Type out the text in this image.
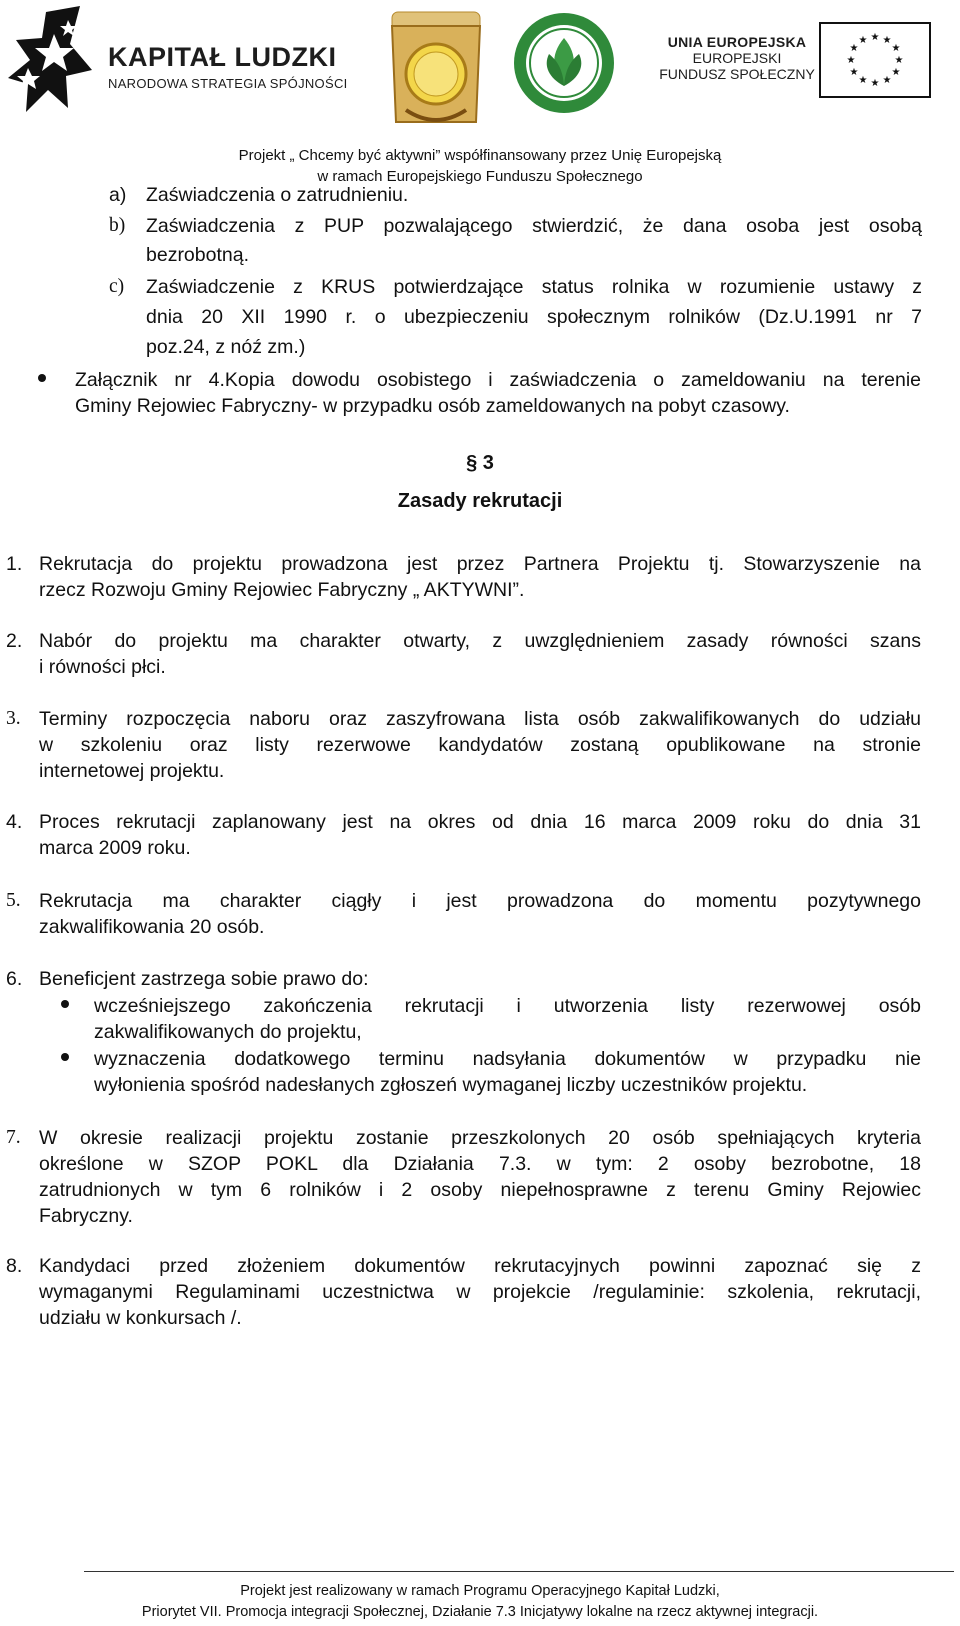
KAPITAŁ LUDZKI
NARODOWA STRATEGIA SPÓJNOŚCI
UNIA EUROPEJSKA
EUROPEJSKI
FUNDUSZ SPOŁECZNY
★ ★
★
★
★
★
★
★
★
★
★
★
Projekt „ Chcemy być aktywni” współfinansowany przez Unię Europejską
w ramach Europejskiego Funduszu Społecznego
a) Zaświadczenia o zatrudnieniu.
b) Zaświadczenia z PUP pozwalającego stwierdzić, że dana osoba jest osobą
bezrobotną.
c) Zaświadczenie z KRUS potwierdzające status rolnika w rozumienie ustawy z
dnia 20 XII 1990 r. o ubezpieczeniu społecznym rolników (Dz.U.1991 nr 7
poz.24, z nóź zm.)
Załącznik nr 4.Kopia dowodu osobistego i zaświadczenia o zameldowaniu na terenie
Gminy Rejowiec Fabryczny- w przypadku osób zameldowanych na pobyt czasowy.
§ 3
Zasady rekrutacji
1. Rekrutacja do projektu prowadzona jest przez Partnera Projektu tj. Stowarzyszenie na
rzecz Rozwoju Gminy Rejowiec Fabryczny „ AKTYWNI”.
2. Nabór do projektu ma charakter otwarty, z uwzględnieniem zasady równości szans
i równości płci.
3. Terminy rozpoczęcia naboru oraz zaszyfrowana lista osób zakwalifikowanych do udziału
w szkoleniu oraz listy rezerwowe kandydatów zostaną opublikowane na stronie
internetowej projektu.
4. Proces rekrutacji zaplanowany jest na okres od dnia 16 marca 2009 roku do dnia 31
marca 2009 roku.
5. Rekrutacja ma charakter ciągły i jest prowadzona do momentu pozytywnego
zakwalifikowania 20 osób.
6. Beneficjent zastrzega sobie prawo do:
wcześniejszego zakończenia rekrutacji i utworzenia listy rezerwowej osób
zakwalifikowanych do projektu,
wyznaczenia dodatkowego terminu nadsyłania dokumentów w przypadku nie
wyłonienia spośród nadesłanych zgłoszeń wymaganej liczby uczestników projektu.
7. W okresie realizacji projektu zostanie przeszkolonych 20 osób spełniających kryteria
określone w SZOP POKL dla Działania 7.3. w tym: 2 osoby bezrobotne, 18
zatrudnionych w tym 6 rolników i 2 osoby niepełnosprawne z terenu Gminy Rejowiec
Fabryczny.
8. Kandydaci przed złożeniem dokumentów rekrutacyjnych powinni zapoznać się z
wymaganymi Regulaminami uczestnictwa w projekcie /regulaminie: szkolenia, rekrutacji,
udziału w konkursach /.
Projekt jest realizowany w ramach Programu Operacyjnego Kapitał Ludzki,
Priorytet VII. Promocja integracji Społecznej, Działanie 7.3 Inicjatywy lokalne na rzecz aktywnej integracji.
